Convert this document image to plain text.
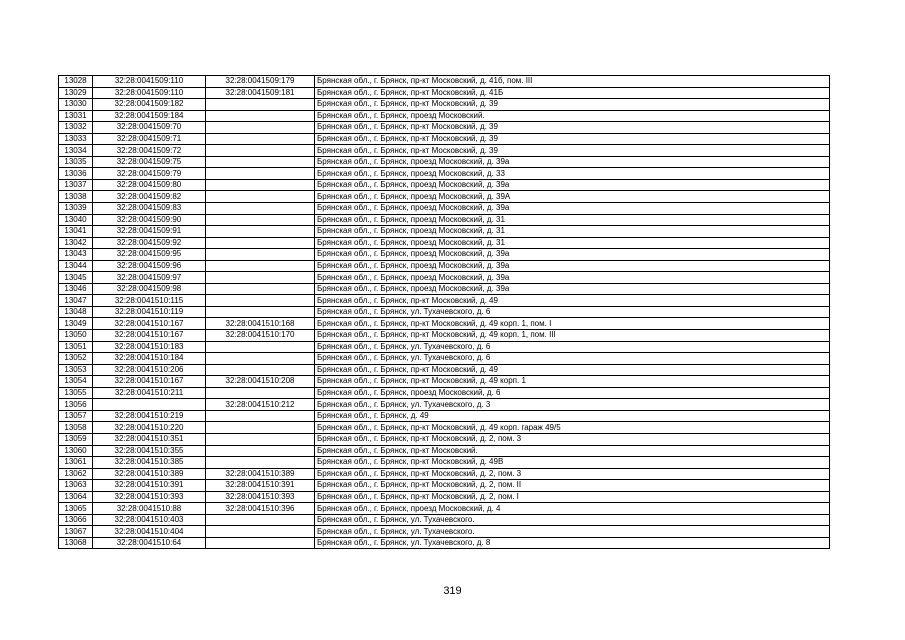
13028	32:28:0041509:110	32:28:0041509:179	Брянская обл., г. Брянск, пр-кт Московский, д. 41б, пом. III
13029	32:28:0041509:110	32:28:0041509:181	Брянская обл., г. Брянск, пр-кт Московский, д. 41Б
13030	32:28:0041509:182		Брянская обл., г. Брянск, пр-кт Московский, д. 39
13031	32:28:0041509:184		Брянская обл., г. Брянск, проезд Московский.
13032	32:28:0041509:70		Брянская обл., г. Брянск, пр-кт Московский, д. 39
13033	32:28:0041509:71		Брянская обл., г. Брянск, пр-кт Московский, д. 39
13034	32:28:0041509:72		Брянская обл., г. Брянск, пр-кт Московский, д. 39
13035	32:28:0041509:75		Брянская обл., г. Брянск, проезд Московский, д. 39а
13036	32:28:0041509:79		Брянская обл., г. Брянск, проезд Московский, д. 33
13037	32:28:0041509:80		Брянская обл., г. Брянск, проезд Московский, д. 39а
13038	32:28:0041509:82		Брянская обл., г. Брянск, проезд Московский, д. 39А
13039	32:28:0041509:83		Брянская обл., г. Брянск, проезд Московский, д. 39а
13040	32:28:0041509:90		Брянская обл., г. Брянск, проезд Московский, д. 31
13041	32:28:0041509:91		Брянская обл., г. Брянск, проезд Московский, д. 31
13042	32:28:0041509:92		Брянская обл., г. Брянск, проезд Московский, д. 31
13043	32:28:0041509:95		Брянская обл., г. Брянск, проезд Московский, д. 39а
13044	32:28:0041509:96		Брянская обл., г. Брянск, проезд Московский, д. 39а
13045	32:28:0041509:97		Брянская обл., г. Брянск, проезд Московский, д. 39а
13046	32:28:0041509:98		Брянская обл., г. Брянск, проезд Московский, д. 39а
13047	32:28:0041510:115		Брянская обл., г. Брянск, пр-кт Московский, д. 49
13048	32:28:0041510:119		Брянская обл., г. Брянск, ул. Тухачевского, д. 6
13049	32:28:0041510:167	32:28:0041510:168	Брянская обл., г. Брянск, пр-кт Московский, д. 49 корп. 1, пом. I
13050	32:28:0041510:167	32:28:0041510:170	Брянская обл., г. Брянск, пр-кт Московский, д. 49 корп. 1, пом. III
13051	32:28:0041510:183		Брянская обл., г. Брянск, ул. Тухачевского, д. 6
13052	32:28:0041510:184		Брянская обл., г. Брянск, ул. Тухачевского, д. 6
13053	32:28:0041510:206		Брянская обл., г. Брянск, пр-кт Московский, д. 49
13054	32:28:0041510:167	32:28:0041510:208	Брянская обл., г. Брянск, пр-кт Московский, д. 49 корп. 1
13055	32:28:0041510:211		Брянская обл., г. Брянск, проезд Московский, д. 6
13056		32:28:0041510:212	Брянская обл., г. Брянск, ул. Тухачевского, д. 3
13057	32:28:0041510:219		Брянская обл., г. Брянск, д. 49
13058	32:28:0041510:220		Брянская обл., г. Брянск, пр-кт Московский, д. 49 корп. гараж 49/5
13059	32:28:0041510:351		Брянская обл., г. Брянск, пр-кт Московский, д. 2, пом. 3
13060	32:28:0041510:355		Брянская обл., г. Брянск, пр-кт Московский.
13061	32:28:0041510:385		Брянская обл., г. Брянск, пр-кт Московский, д. 49В
13062	32:28:0041510:389	32:28:0041510:389	Брянская обл., г. Брянск, пр-кт Московский, д. 2, пом. 3
13063	32:28:0041510:391	32:28:0041510:391	Брянская обл., г. Брянск, пр-кт Московский, д. 2, пом. II
13064	32:28:0041510:393	32:28:0041510:393	Брянская обл., г. Брянск, пр-кт Московский, д. 2, пом. I
13065	32:28:0041510:88	32:28:0041510:396	Брянская обл., г. Брянск, проезд Московский, д. 4
13066	32:28:0041510:403		Брянская обл., г. Брянск, ул. Тухачевского.
13067	32:28:0041510:404		Брянская обл., г. Брянск, ул. Тухачевского.
13068	32:28:0041510:64		Брянская обл., г. Брянск, ул. Тухачевского, д. 8
319
